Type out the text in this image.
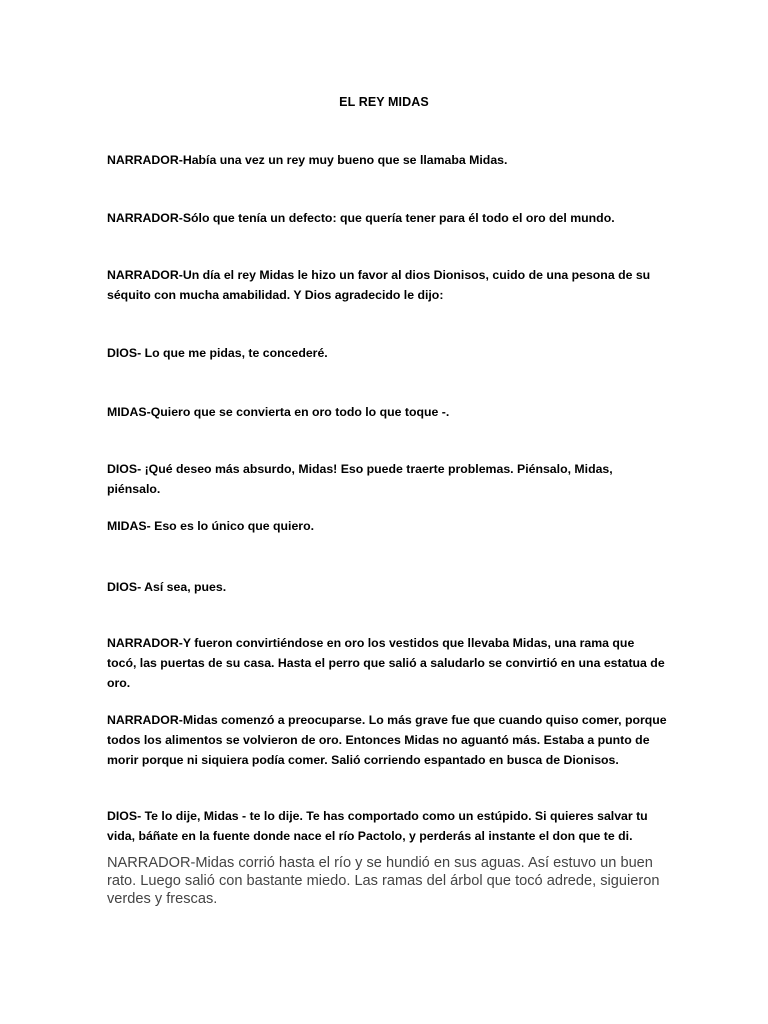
EL REY MIDAS

NARRADOR-Había una vez un rey muy bueno que se llamaba Midas.

NARRADOR-Sólo que tenía un defecto: que quería tener para él todo el oro del mundo.

NARRADOR-Un día el rey Midas le hizo un favor al dios Dionisos, cuido de una pesona de su séquito con mucha amabilidad. Y Dios agradecido le dijo:

DIOS- Lo que me pidas, te concederé.

MIDAS-Quiero que se convierta en oro todo lo que toque -.

DIOS- ¡Qué deseo más absurdo, Midas! Eso puede traerte problemas. Piénsalo, Midas, piénsalo.

MIDAS- Eso es lo único que quiero.

DIOS- Así sea, pues.

NARRADOR-Y fueron convirtiéndose en oro los vestidos que llevaba Midas, una rama que tocó, las puertas de su casa. Hasta el perro que salió a saludarlo se convirtió en una estatua de oro.

NARRADOR-Midas comenzó a preocuparse. Lo más grave fue que cuando quiso comer, porque todos los alimentos se volvieron de oro. Entonces Midas no aguantó más. Estaba a punto de morir porque ni siquiera podía comer. Salió corriendo espantado en busca de Dionisos.

DIOS- Te lo dije, Midas - te lo dije. Te has comportado como un estúpido. Si quieres salvar tu vida, báñate en la fuente donde nace el río Pactolo, y perderás al instante el don que te di.

NARRADOR-Midas corrió hasta el río y se hundió en sus aguas. Así estuvo un buen rato. Luego salió con bastante miedo. Las ramas del árbol que tocó adrede, siguieron verdes y frescas.
